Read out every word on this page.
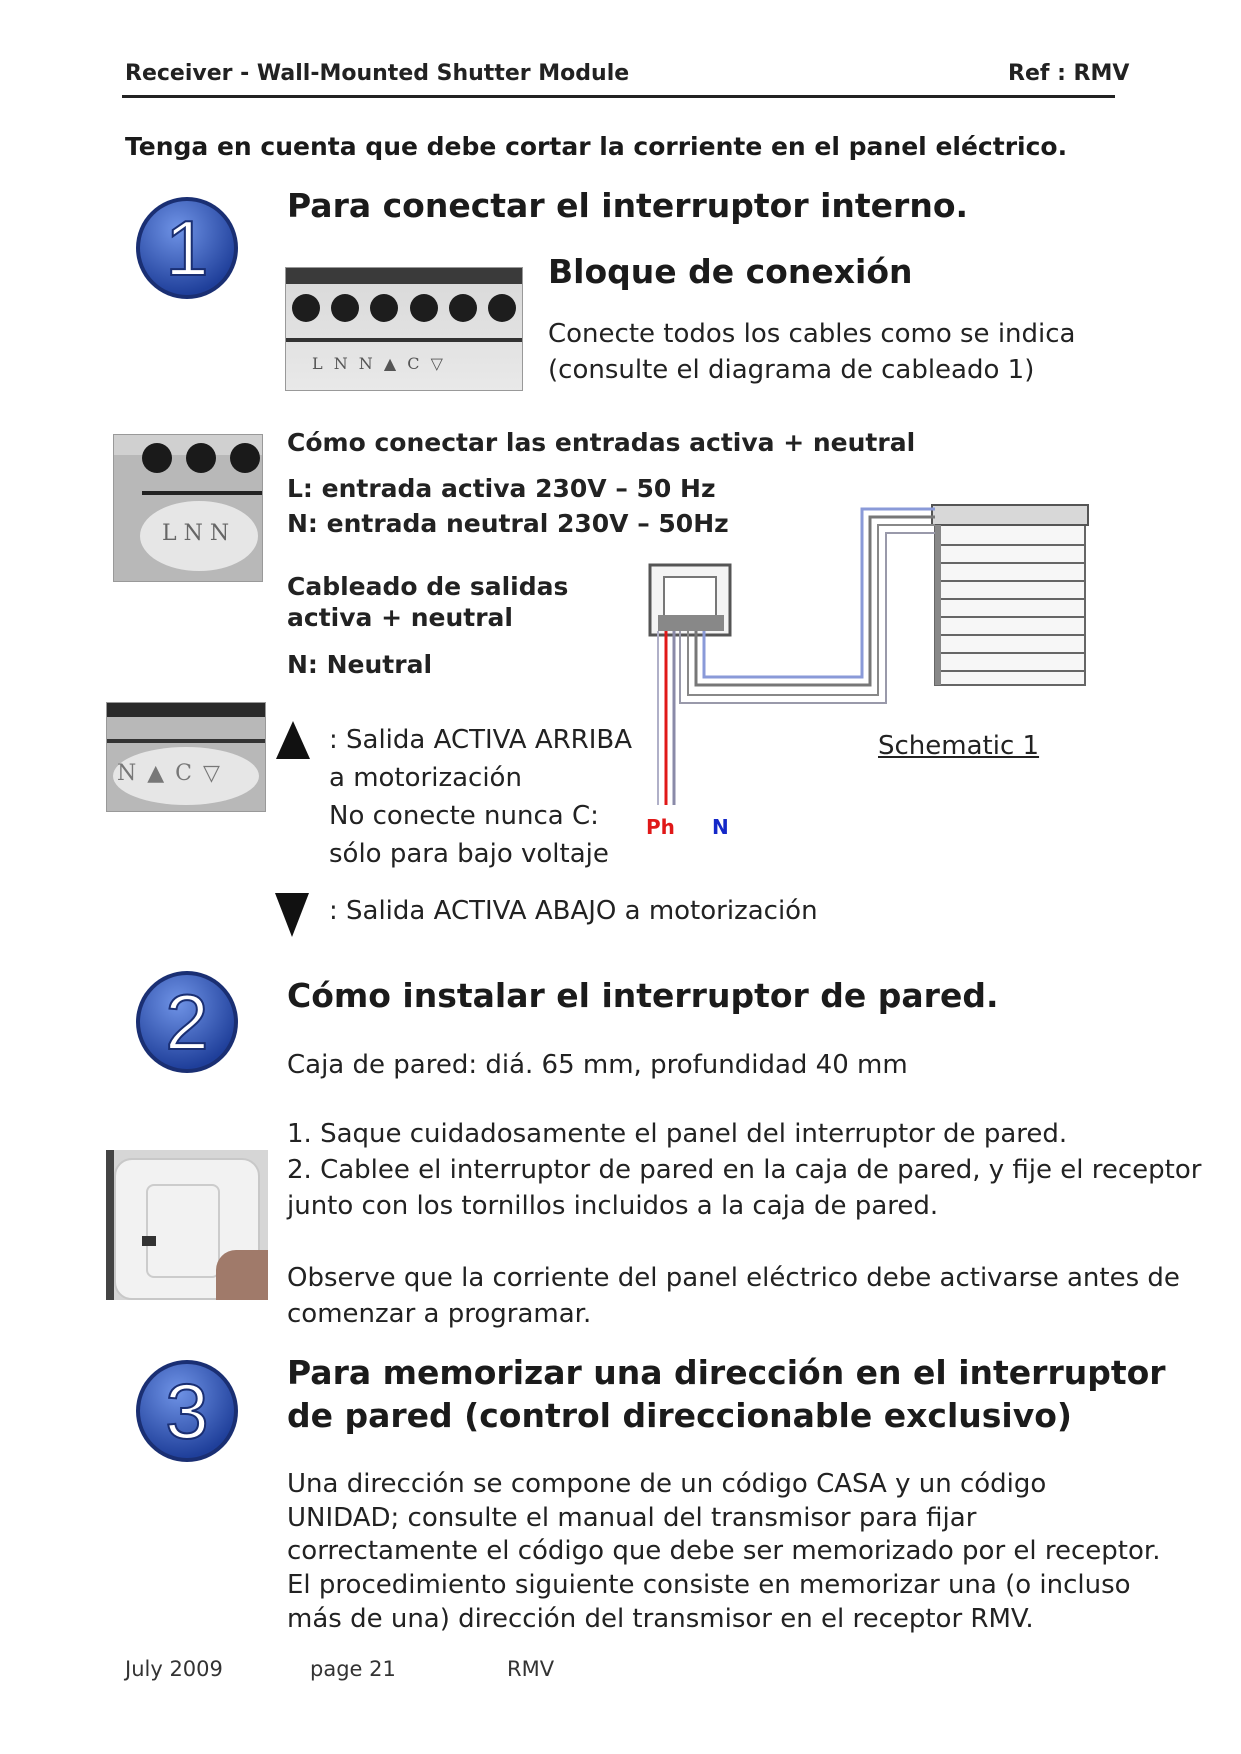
Receiver - Wall-Mounted Shutter Module	Ref : RMV
Tenga en cuenta que debe cortar la corriente en el panel eléctrico.
1 Para conectar el interruptor interno.
L N N ▲ C ▽
Bloque de conexión
Conecte todos los cables como se indica
(consulte el diagrama de cableado 1)
L N N
Cómo conectar las entradas activa + neutral
L: entrada activa 230V – 50 Hz
N: entrada neutral 230V – 50Hz
Cableado de salidas
activa + neutral
N: Neutral
Ph N
Schematic 1
N ▲ C ▽
: Salida ACTIVA ARRIBA
a motorización
No conecte nunca C:
sólo para bajo voltaje
: Salida ACTIVA ABAJO a motorización
2 Cómo instalar el interruptor de pared.
Caja de pared: diá. 65 mm, profundidad 40 mm
1. Saque cuidadosamente el panel del interruptor de pared.
2. Cablee el interruptor de pared en la caja de pared, y fije el receptor
junto con los tornillos incluidos a la caja de pared.
Observe que la corriente del panel eléctrico debe activarse antes de
comenzar a programar.
3 Para memorizar una dirección en el interruptor
de pared (control direccionable exclusivo)
Una dirección se compone de un código CASA y un código
UNIDAD; consulte el manual del transmisor para fijar
correctamente el código que debe ser memorizado por el receptor.
El procedimiento siguiente consiste en memorizar una (o incluso
más de una) dirección del transmisor en el receptor RMV.
July 2009	page 21	RMV
